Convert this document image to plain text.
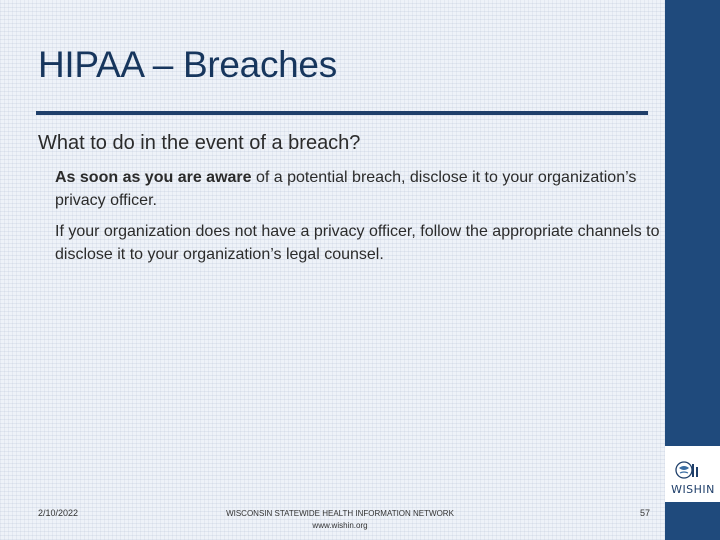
WISHIN
HIPAA – Breaches
What to do in the event of a breach?
As soon as you are aware of a potential breach, disclose it to your organization’s privacy officer.
If your organization does not have a privacy officer, follow the appropriate channels to disclose it to your organization’s legal counsel.
2/10/2022	WISCONSIN STATEWIDE HEALTH INFORMATION NETWORK
www.wishin.org
57
